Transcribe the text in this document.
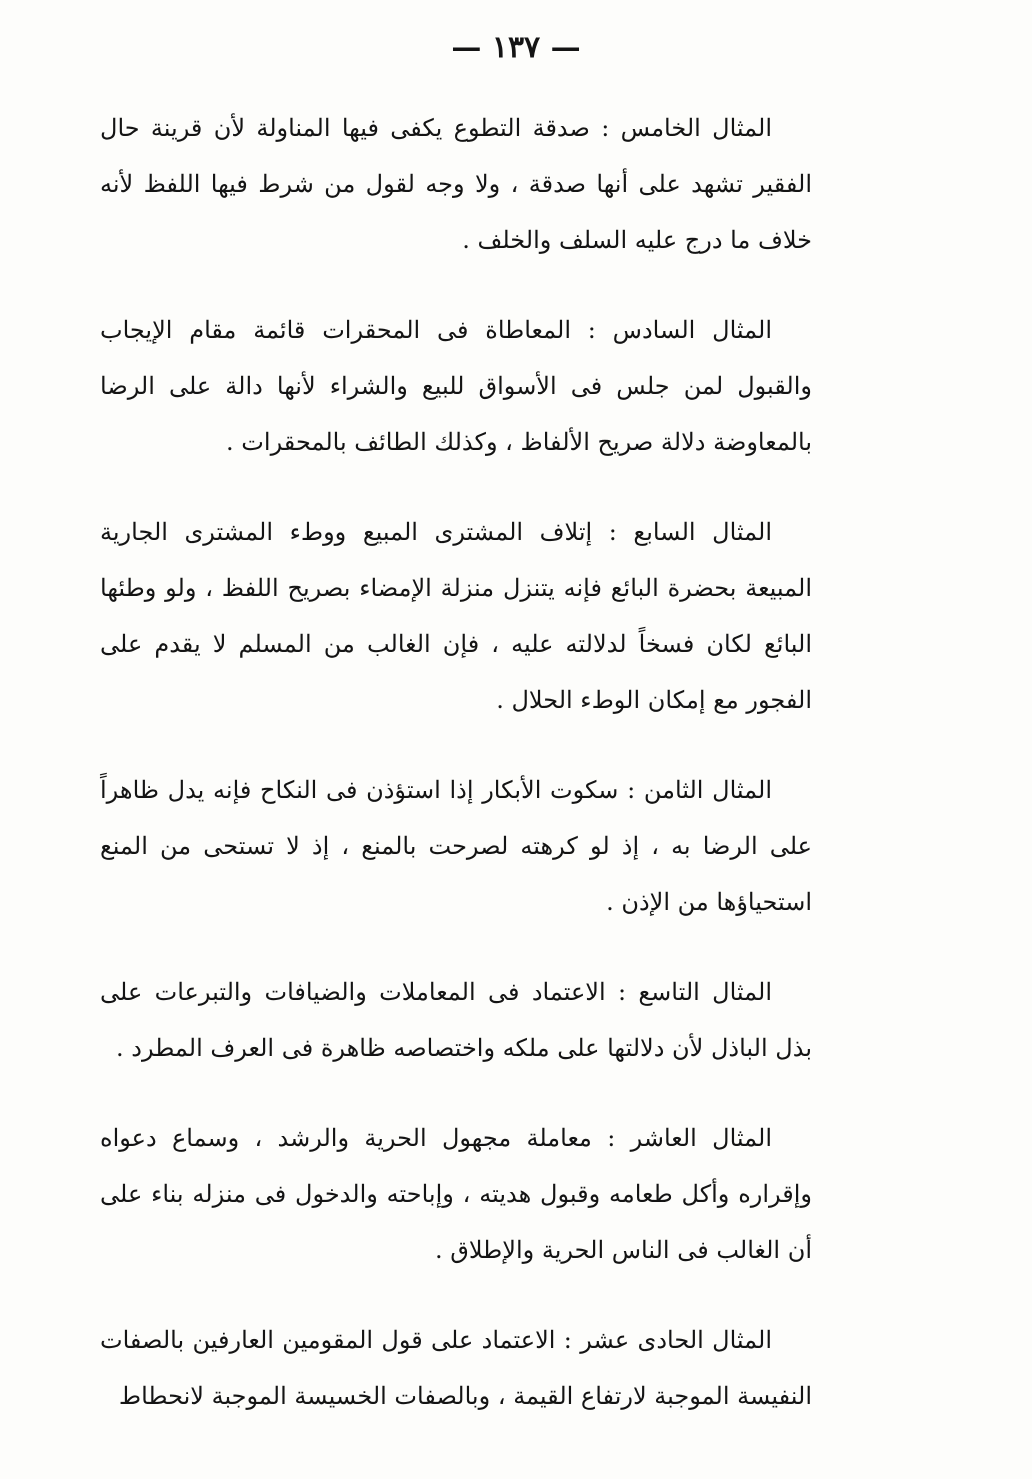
— ١٣٧ —

المثال الخامس : صدقة التطوع يكفى فيها المناولة لأن قرينة حال الفقير تشهد على أنها صدقة ، ولا وجه لقول من شرط فيها اللفظ لأنه خلاف ما درج عليه السلف والخلف .

المثال السادس : المعاطاة فى المحقرات قائمة مقام الإيجاب والقبول لمن جلس فى الأسواق للبيع والشراء لأنها دالة على الرضا بالمعاوضة دلالة صريح الألفاظ ، وكذلك الطائف بالمحقرات .

المثال السابع : إتلاف المشترى المبيع ووطء المشترى الجارية المبيعة بحضرة البائع فإنه يتنزل منزلة الإمضاء بصريح اللفظ ، ولو وطئها البائع لكان فسخاً لدلالته عليه ، فإن الغالب من المسلم لا يقدم على الفجور مع إمكان الوطء الحلال .

المثال الثامن : سكوت الأبكار إذا استؤذن فى النكاح فإنه يدل ظاهراً على الرضا به ، إذ لو كرهته لصرحت بالمنع ، إذ لا تستحى من المنع استحياؤها من الإذن .

المثال التاسع : الاعتماد فى المعاملات والضيافات والتبرعات على بذل الباذل لأن دلالتها على ملكه واختصاصه ظاهرة فى العرف المطرد .

المثال العاشر : معاملة مجهول الحرية والرشد ، وسماع دعواه وإقراره وأكل طعامه وقبول هديته ، وإباحته والدخول فى منزله بناء على أن الغالب فى الناس الحرية والإطلاق .

المثال الحادى عشر : الاعتماد على قول المقومين العارفين بالصفات النفيسة الموجبة لارتفاع القيمة ، وبالصفات الخسيسة الموجبة لانحطاط
